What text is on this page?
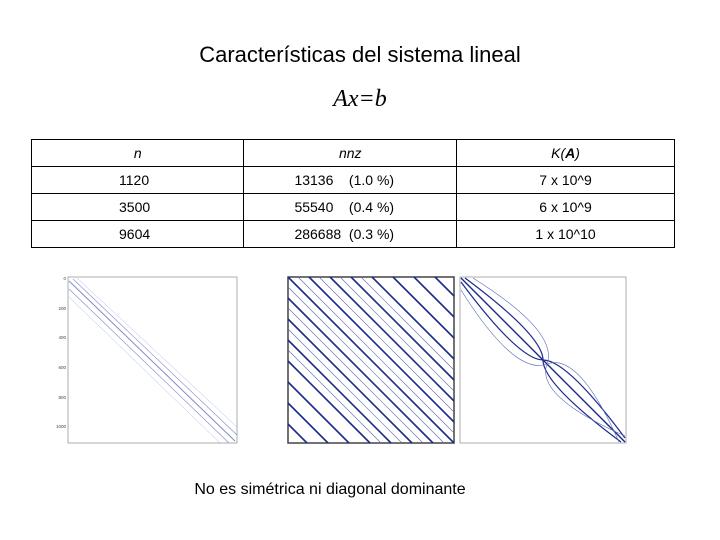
Características del sistema lineal
Ax=b
n	nnz	K(A)
1120	13136    (1.0 %)	7 x 10^9
3500	55540    (0.4 %)	6 x 10^9
9604	286688  (0.3 %)	1 x 10^10
0
200
400
600
800
1000
No es simétrica ni diagonal dominante
